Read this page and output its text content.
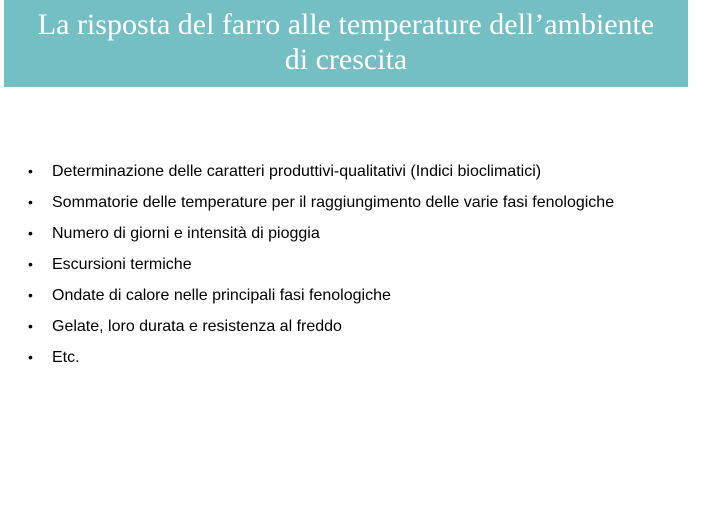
La risposta del farro alle temperature dell’ambiente
di crescita
• Determinazione delle caratteri produttivi-qualitativi (Indici bioclimatici)
• Sommatorie delle temperature per il raggiungimento delle varie fasi fenologiche
• Numero di giorni e intensità di pioggia
• Escursioni termiche
• Ondate di calore nelle principali fasi fenologiche
• Gelate, loro durata e resistenza al freddo
• Etc.
